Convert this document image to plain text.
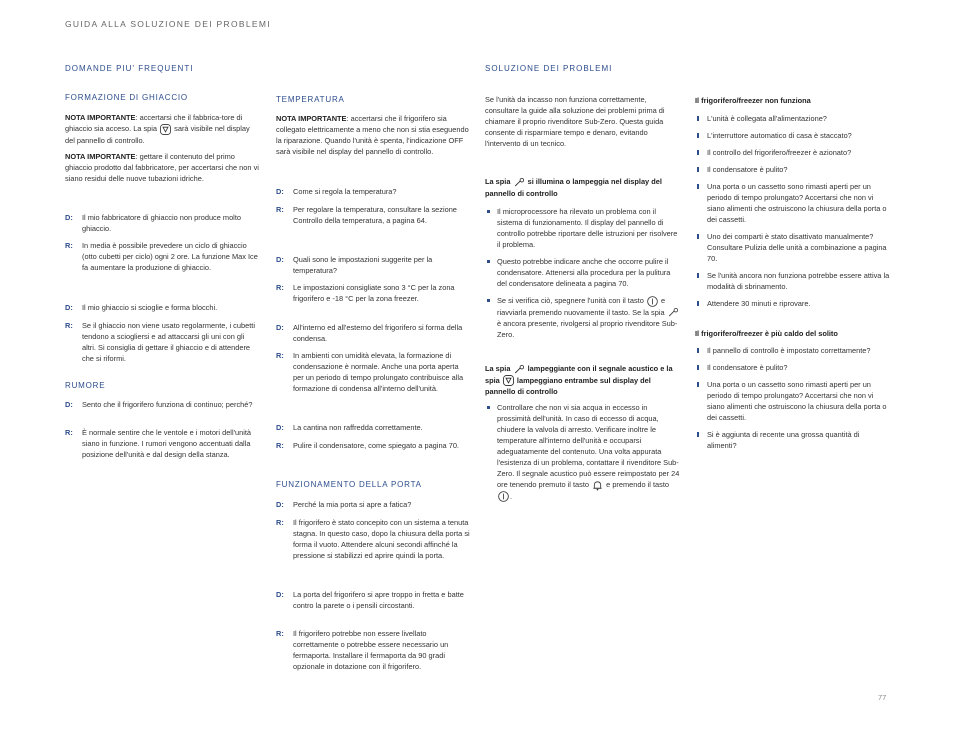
GUIDA ALLA SOLUZIONE DEI PROBLEMI
DOMANDE PIU' FREQUENTI
FORMAZIONE DI GHIACCIO
NOTA IMPORTANTE: accertarsi che il fabbrica-tore di ghiaccio sia acceso. La spia sarà visibile nel display del pannello di controllo.
NOTA IMPORTANTE: gettare il contenuto del primo ghiaccio prodotto dal fabbricatore, per accertarsi che non vi siano residui delle nuove tubazioni idriche.
D:	Il mio fabbricatore di ghiaccio non produce molto ghiaccio.
R:	In media è possibile prevedere un ciclo di ghiaccio (otto cubetti per ciclo) ogni 2 ore. La funzione Max Ice fa aumentare la produzione di ghiaccio.
D:	Il mio ghiaccio si scioglie e forma blocchi.
R:	Se il ghiaccio non viene usato regolarmente, i cubetti tendono a sciogliersi e ad attaccarsi gli uni con gli altri. Si consiglia di gettare il ghiaccio e di attendere che si riformi.
RUMORE
D:	Sento che il frigorifero funziona di continuo; perché?
R:	È normale sentire che le ventole e i motori dell'unità siano in funzione. I rumori vengono accentuati dalla posizione dell'unità e dal design della stanza.
TEMPERATURA
NOTA IMPORTANTE: accertarsi che il frigorifero sia collegato elettricamente a meno che non si stia eseguendo la riparazione. Quando l'unità è spenta, l'indicazione OFF sarà visibile nel display del pannello di controllo.
D:	Come si regola la temperatura?
R:	Per regolare la temperatura, consultare la sezione Controllo della temperatura, a pagina 64.
D:	Quali sono le impostazioni suggerite per la temperatura?
R:	Le impostazioni consigliate sono 3 °C per la zona frigorifero e -18 °C per la zona freezer.
D:	All'interno ed all'esterno del frigorifero si forma della condensa.
R:	In ambienti con umidità elevata, la formazione di condensazione è normale. Anche una porta aperta per un periodo di tempo prolungato contribuisce alla formazione di condensa all'interno dell'unità.
D:	La cantina non raffredda correttamente.
R:	Pulire il condensatore, come spiegato a pagina 70.
FUNZIONAMENTO DELLA PORTA
D:	Perché la mia porta si apre a fatica?
R:	Il frigorifero è stato concepito con un sistema a tenuta stagna. In questo caso, dopo la chiusura della porta si forma il vuoto. Attendere alcuni secondi affinché la pressione si stabilizzi ed aprire quindi la porta.
D:	La porta del frigorifero si apre troppo in fretta e batte contro la parete o i pensili circostanti.
R:	Il frigorifero potrebbe non essere livellato correttamente o potrebbe essere necessario un fermaporta. Installare il fermaporta da 90 gradi opzionale in dotazione con il frigorifero.
SOLUZIONE DEI PROBLEMI
Se l'unità da incasso non funziona correttamente, consultare la guide alla soluzione dei problemi prima di chiamare il proprio rivenditore Sub-Zero. Questa guida consente di risparmiare tempo e denaro, evitando l'intervento di un tecnico.
La spia si illumina o lampeggia nel display del pannello di controllo
Il microprocessore ha rilevato un problema con il sistema di funzionamento. Il display del pannello di controllo potrebbe riportare delle istruzioni per risolvere il problema.
Questo potrebbe indicare anche che occorre pulire il condensatore. Attenersi alla procedura per la pulitura del condensatore delineata a pagina 70.
Se si verifica ciò, spegnere l'unità con il tasto e riavviarla premendo nuovamente il tasto. Se la spia  è ancora presente, rivolgersi al proprio rivenditore Sub-Zero.
La spia lampeggiante con il segnale acustico e la spia lampeggiano entrambe sul display del pannello di controllo
Controllare che non vi sia acqua in eccesso in prossimità dell'unità. In caso di eccesso di acqua, chiudere la valvola di arresto. Verificare inoltre le temperature all'interno dell'unità e occuparsi adeguatamente del contenuto. Una volta appurata l'esistenza di un problema, contattare il rivenditore Sub-Zero. Il segnale acustico può essere reimpostato per 24 ore tenendo premuto il tasto e premendo il tasto .
Il frigorifero/freezer non funziona
L'unità è collegata all'alimentazione?
L'interruttore automatico di casa è staccato?
Il controllo del frigorifero/freezer è azionato?
Il condensatore è pulito?
Una porta o un cassetto sono rimasti aperti per un periodo di tempo prolungato? Accertarsi che non vi siano alimenti che ostruiscono la chiusura della porta o dei cassetti.
Uno dei comparti è stato disattivato manualmente? Consultare Pulizia delle unità a combinazione a pagina 70.
Se l'unità ancora non funziona potrebbe essere attiva la modalità di sbrinamento.
Attendere 30 minuti e riprovare.
Il frigorifero/freezer è più caldo del solito
Il pannello di controllo è impostato correttamente?
Il condensatore è pulito?
Una porta o un cassetto sono rimasti aperti per un periodo di tempo prolungato? Accertarsi che non vi siano alimenti che ostruiscono la chiusura della porta o dei cassetti.
Si è aggiunta di recente una grossa quantità di alimenti?
77
